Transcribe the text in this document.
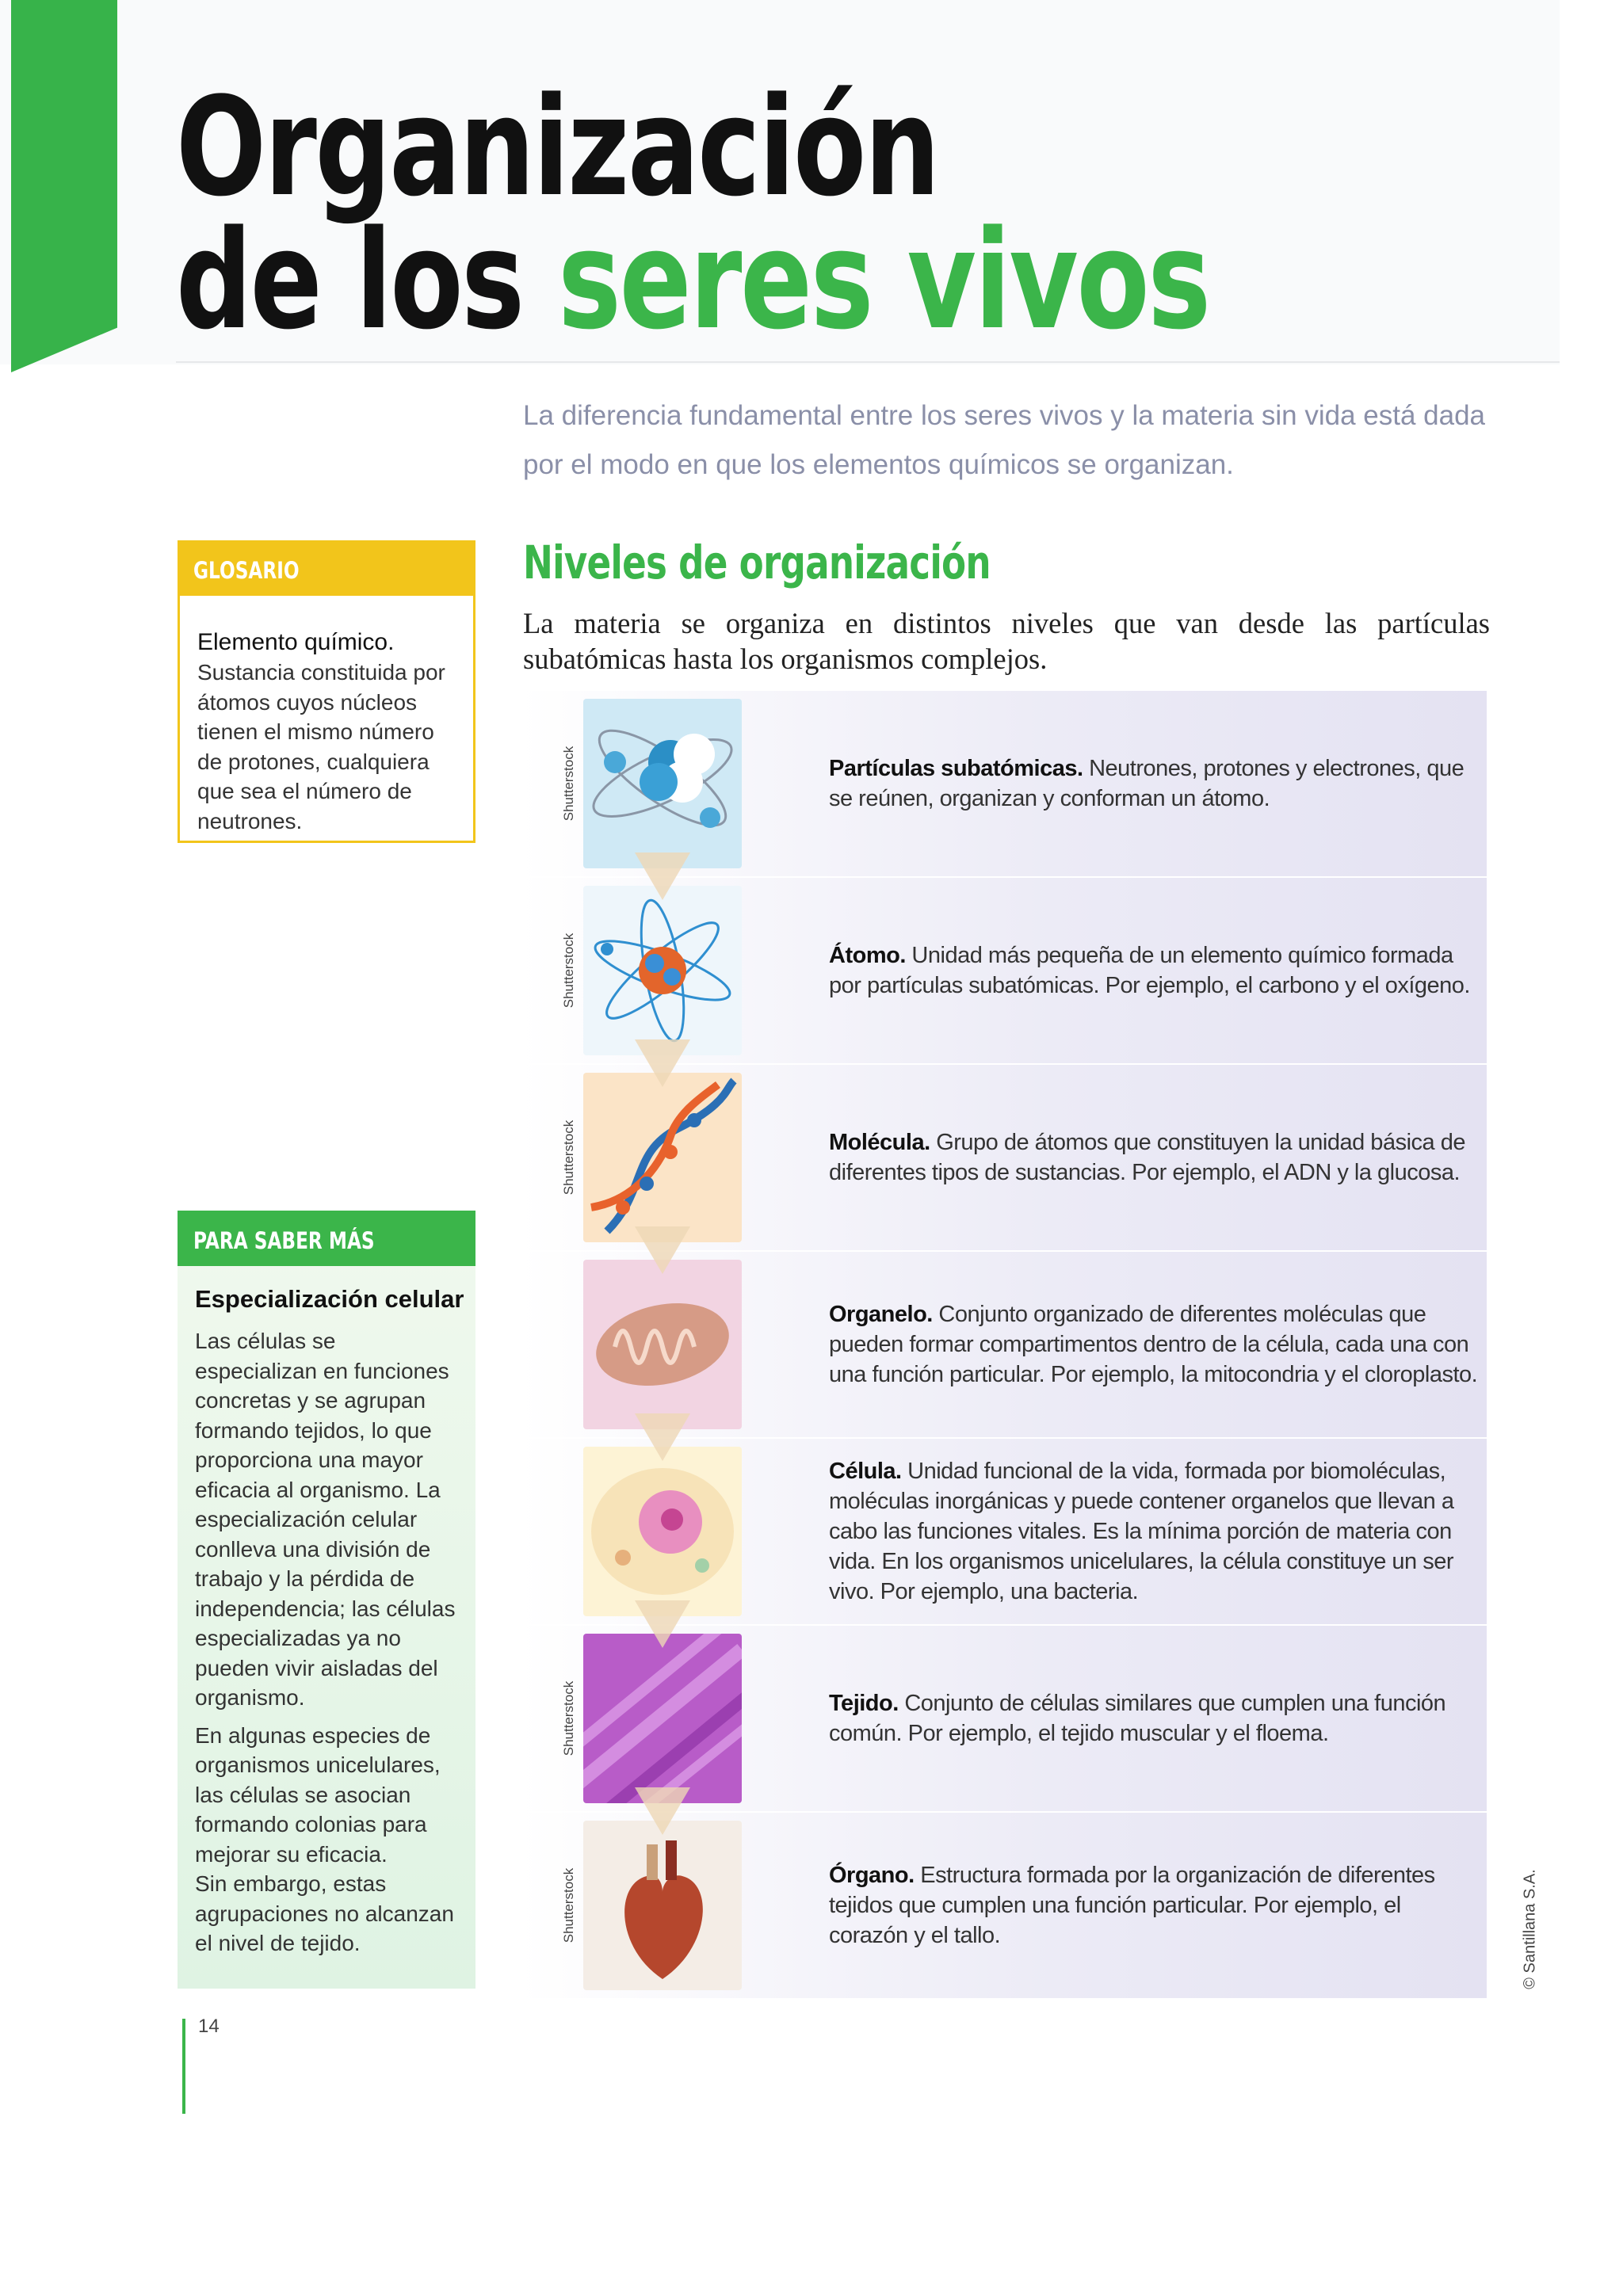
Organización
de los seres vivos

La diferencia fundamental entre los seres vivos y la materia sin vida está dada por el modo en que los elementos químicos se organizan.

GLOSARIO
Elemento químico.
Sustancia constituida por átomos cuyos núcleos tienen el mismo número de protones, cualquiera que sea el número de neutrones.
Niveles de organización

La materia se organiza en distintos niveles que van desde las partículas subatómicas hasta los organismos complejos.

Shutterstock	Partículas subatómicas. Neutrones, protones y electrones, que se reúnen, organizan y conforman un átomo.

Shutterstock	Átomo. Unidad más pequeña de un elemento químico formada por partículas subatómicas. Por ejemplo, el carbono y el oxígeno.

Shutterstock	Molécula. Grupo de átomos que constituyen la unidad básica de diferentes tipos de sustancias. Por ejemplo, el ADN y la glucosa.

Organelo. Conjunto organizado de diferentes moléculas que pueden formar compartimentos dentro de la célula, cada una con una función particular. Por ejemplo, la mitocondria y el cloroplasto.

Célula. Unidad funcional de la vida, formada por biomoléculas, moléculas inorgánicas y puede contener organelos que llevan a cabo las funciones vitales. Es la mínima porción de materia con vida. En los organismos unicelulares, la célula constituye un ser vivo. Por ejemplo, una bacteria.

Shutterstock	Tejido. Conjunto de células similares que cumplen una función común. Por ejemplo, el tejido muscular y el floema.

Shutterstock	Órgano. Estructura formada por la organización de diferentes tejidos que cumplen una función particular. Por ejemplo, el corazón y el tallo.

PARA SABER MÁS
Especialización celular

Las células se especializan en funciones concretas y se agrupan formando tejidos, lo que proporciona una mayor eficacia al organismo. La especialización celular conlleva una división de trabajo y la pérdida de independencia; las células especializadas ya no pueden vivir aisladas del organismo.

En algunas especies de organismos unicelulares, las células se asocian formando colonias para mejorar su eficacia.

Sin embargo, estas agrupaciones no alcanzan el nivel de tejido.	© Santillana S.A.
14
